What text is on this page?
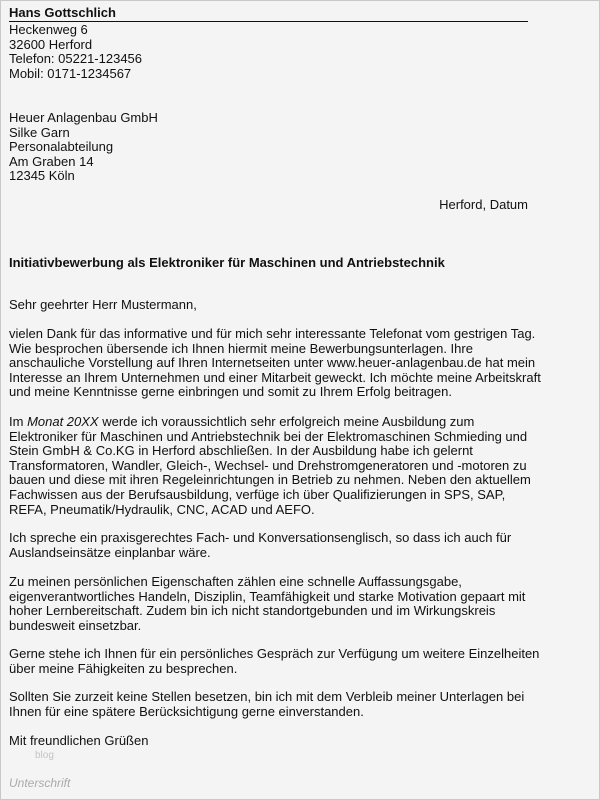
Hans Gottschlich
Heckenweg 6
32600 Herford
Telefon: 05221-123456
Mobil: 0171-1234567
Heuer Anlagenbau GmbH
Silke Garn
Personalabteilung
Am Graben 14
12345 Köln
Herford, Datum
Initiativbewerbung als Elektroniker für Maschinen und Antriebstechnik
Sehr geehrter Herr Mustermann,
vielen Dank für das informative und für mich sehr interessante Telefonat vom gestrigen Tag.
Wie besprochen übersende ich Ihnen hiermit meine Bewerbungsunterlagen. Ihre
anschauliche Vorstellung auf Ihren Internetseiten unter www.heuer-anlagenbau.de hat mein
Interesse an Ihrem Unternehmen und einer Mitarbeit geweckt. Ich möchte meine Arbeitskraft
und meine Kenntnisse gerne einbringen und somit zu Ihrem Erfolg beitragen.
Im Monat 20XX werde ich voraussichtlich sehr erfolgreich meine Ausbildung zum
Elektroniker für Maschinen und Antriebstechnik bei der Elektromaschinen Schmieding und
Stein GmbH & Co.KG in Herford abschließen. In der Ausbildung habe ich gelernt
Transformatoren, Wandler, Gleich-, Wechsel- und Drehstromgeneratoren und -motoren zu
bauen und diese mit ihren Regeleinrichtungen in Betrieb zu nehmen. Neben den aktuellem
Fachwissen aus der Berufsausbildung, verfüge ich über Qualifizierungen in SPS, SAP,
REFA, Pneumatik/Hydraulik, CNC, ACAD und AEFO.
Ich spreche ein praxisgerechtes Fach- und Konversationsenglisch, so dass ich auch für
Auslandseinsätze einplanbar wäre.
Zu meinen persönlichen Eigenschaften zählen eine schnelle Auffassungsgabe,
eigenverantwortliches Handeln, Disziplin, Teamfähigkeit und starke Motivation gepaart mit
hoher Lernbereitschaft. Zudem bin ich nicht standortgebunden und im Wirkungskreis
bundesweit einsetzbar.
Gerne stehe ich Ihnen für ein persönliches Gespräch zur Verfügung um weitere Einzelheiten
über meine Fähigkeiten zu besprechen.
Sollten Sie zurzeit keine Stellen besetzen, bin ich mit dem Verbleib meiner Unterlagen bei
Ihnen für eine spätere Berücksichtigung gerne einverstanden.
Mit freundlichen Grüßen
blog
Unterschrift
